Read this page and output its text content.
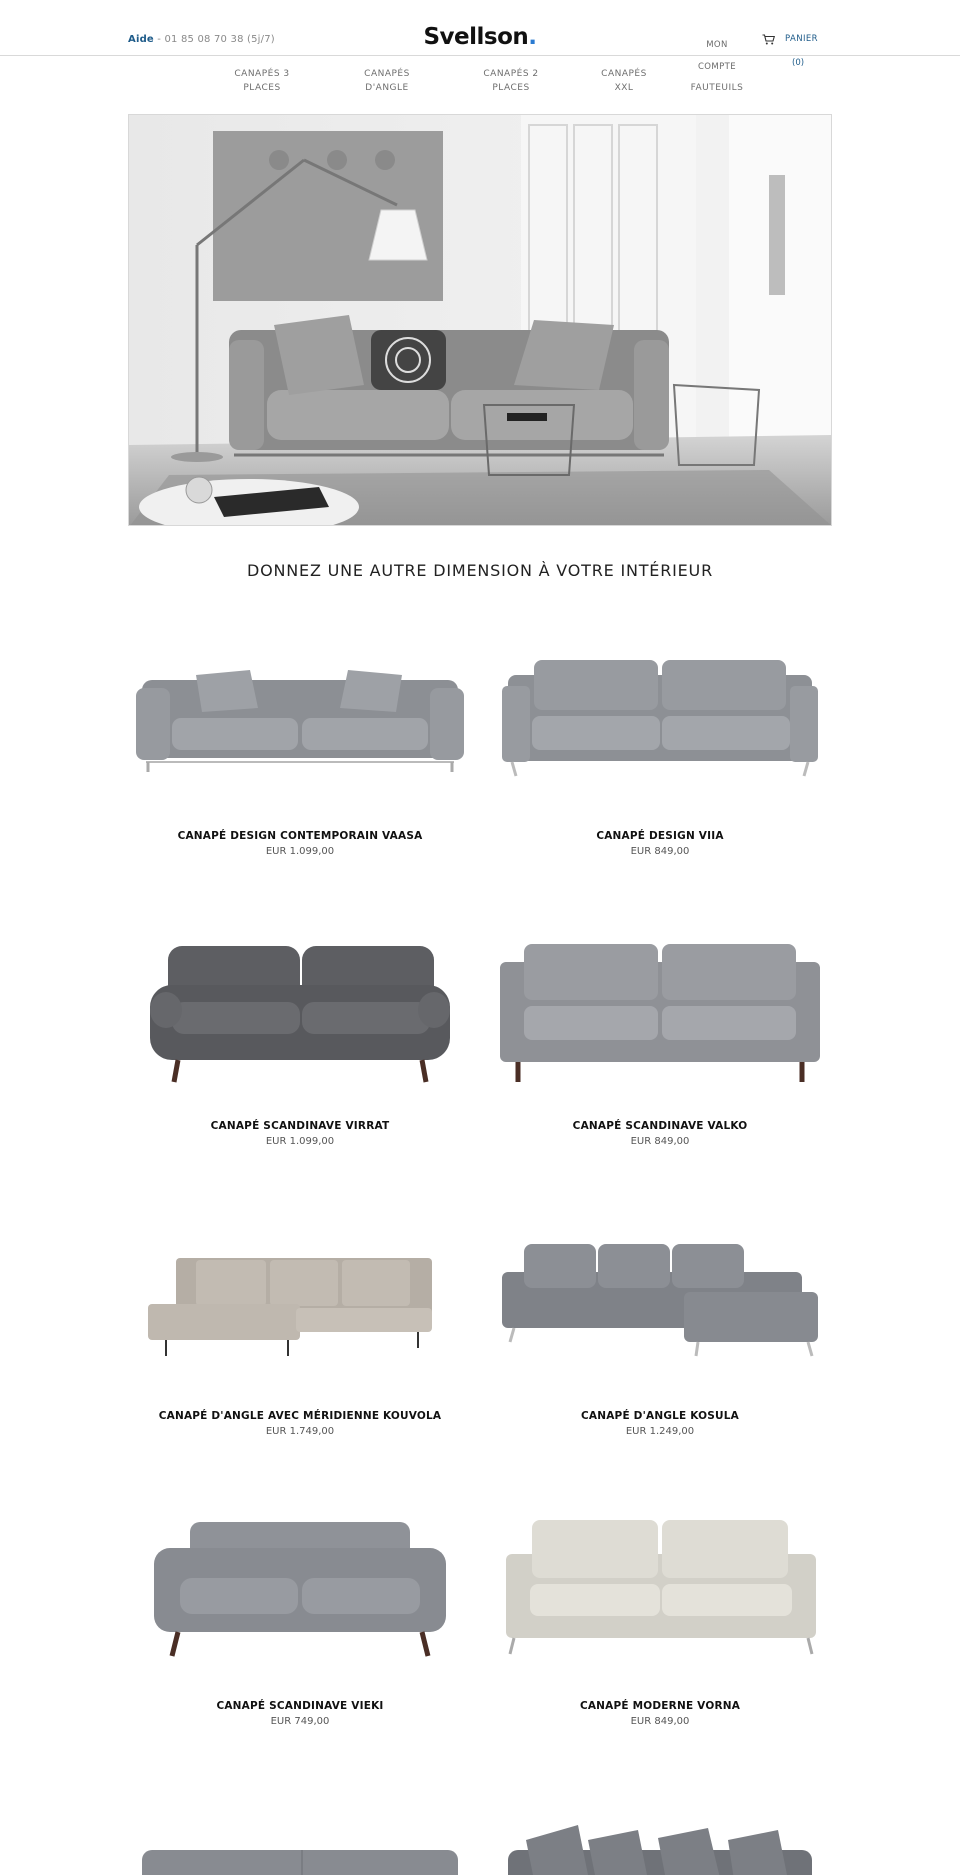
Aide - 01 85 08 70 38 (5j/7)	Svellson.	MON
COMPTE
PANIER
(0)
CANAPÉS 3
PLACES
CANAPÉS
D'ANGLE
CANAPÉS 2
PLACES
CANAPÉS
XXL	FAUTEUILS
DONNEZ UNE AUTRE DIMENSION À VOTRE INTÉRIEUR
CANAPÉ DESIGN CONTEMPORAIN VAASA
EUR 1.099,00
CANAPÉ DESIGN VIIA
EUR 849,00
CANAPÉ SCANDINAVE VIRRAT
EUR 1.099,00
CANAPÉ SCANDINAVE VALKO
EUR 849,00
CANAPÉ D'ANGLE AVEC MÉRIDIENNE KOUVOLA
EUR 1.749,00
CANAPÉ D'ANGLE KOSULA
EUR 1.249,00
CANAPÉ SCANDINAVE VIEKI
EUR 749,00
CANAPÉ MODERNE VORNA
EUR 849,00
